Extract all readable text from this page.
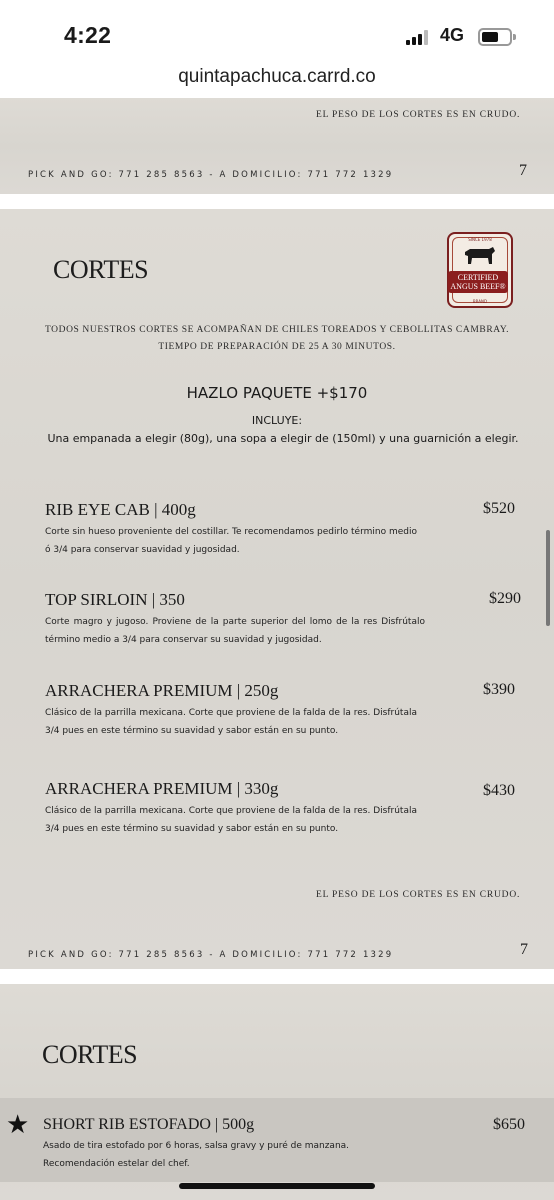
4:22	4G
quintapachuca.carrd.co
EL PESO DE LOS CORTES ES EN CRUDO.
PICK AND GO: 771 285 8563 - A DOMICILIO: 771 772 1329	7
CORTES
SINCE 1978
CERTIFIED
ANGUS BEEF®
BRAND
TODOS NUESTROS CORTES SE ACOMPAÑAN DE CHILES TOREADOS Y CEBOLLITAS CAMBRAY.
TIEMPO DE PREPARACIÓN DE 25 A 30 MINUTOS.
HAZLO PAQUETE +$170
INCLUYE:
Una empanada a elegir (80g), una sopa a elegir de (150ml) y una guarnición a elegir.
RIB EYE CAB | 400g
Corte sin hueso proveniente del costillar. Te recomendamos pedirlo término medio ó 3/4 para conservar suavidad y jugosidad.
$520
TOP SIRLOIN | 350
Corte magro y jugoso. Proviene de la parte superior del lomo de la res Disfrútalo término medio a 3/4 para conservar su suavidad y jugosidad.
$290
ARRACHERA PREMIUM | 250g
Clásico de la parrilla mexicana. Corte que proviene de la falda de la res. Disfrútala 3/4 pues en este término su suavidad y sabor están en su punto.
$390
ARRACHERA PREMIUM | 330g
Clásico de la parrilla mexicana. Corte que proviene de la falda de la res. Disfrútala 3/4 pues en este término su suavidad y sabor están en su punto.
$430
EL PESO DE LOS CORTES ES EN CRUDO.
PICK AND GO: 771 285 8563 - A DOMICILIO: 771 772 1329	7
CORTES
★ SHORT RIB ESTOFADO | 500g	$650
Asado de tira estofado por 6 horas, salsa gravy y puré de manzana.
Recomendación estelar del chef.
